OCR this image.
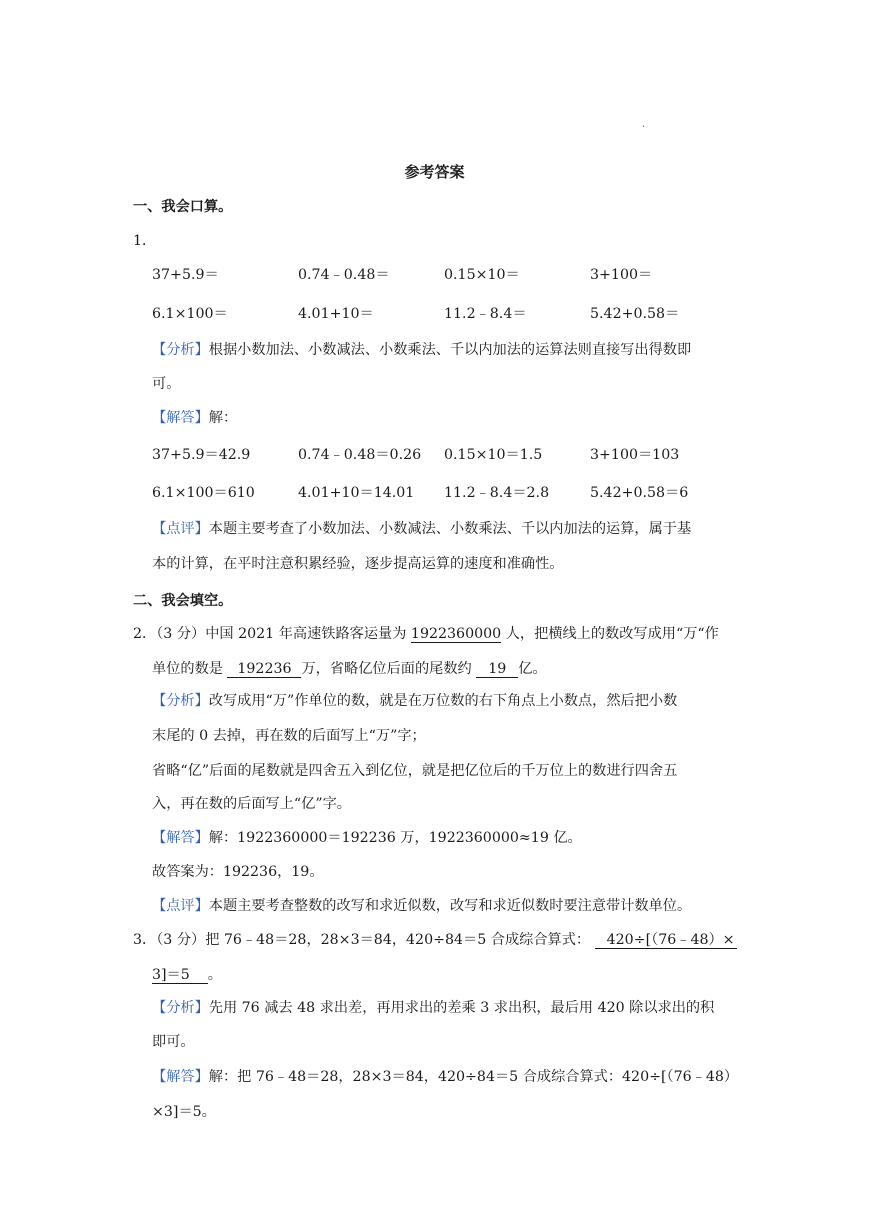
·
参考答案
一、我会口算。
1．
37+5.9＝	0.74﹣0.48＝	0.15×10＝	3+100＝
6.1×100＝	4.01+10＝	11.2﹣8.4＝	5.42+0.58＝
【分析】根据小数加法、小数减法、小数乘法、千以内加法的运算法则直接写出得数即
可。
【解答】解：
37+5.9＝42.9	0.74﹣0.48＝0.26 0.15×10＝1.5	3+100＝103
6.1×100＝610	4.01+10＝14.01 11.2﹣8.4＝2.8	5.42+0.58＝6
【点评】本题主要考查了小数加法、小数减法、小数乘法、千以内加法的运算，属于基
本的计算，在平时注意积累经验，逐步提高运算的速度和准确性。
二、我会填空。
2．（3 分）中国 2021 年高速铁路客运量为 1922360000 人，把横线上的数改写成用“万“作
单位的数是 192236 万，省略亿位后面的尾数约 19 亿。
【分析】改写成用“万”作单位的数，就是在万位数的右下角点上小数点，然后把小数
末尾的 0 去掉，再在数的后面写上“万”字；
省略“亿”后面的尾数就是四舍五入到亿位，就是把亿位后的千万位上的数进行四舍五
入，再在数的后面写上“亿”字。
【解答】解：1922360000＝192236 万，1922360000≈19 亿。
故答案为：192236，19。
【点评】本题主要考查整数的改写和求近似数，改写和求近似数时要注意带计数单位。
3．（3 分）把 76﹣48＝28，28×3＝84，420÷84＝5 合成综合算式： 420÷[（76﹣48）×
3]＝5 。
【分析】先用 76 减去 48 求出差，再用求出的差乘 3 求出积，最后用 420 除以求出的积
即可。
【解答】解：把 76﹣48＝28，28×3＝84，420÷84＝5 合成综合算式：420÷[（76﹣48）
×3]＝5。
